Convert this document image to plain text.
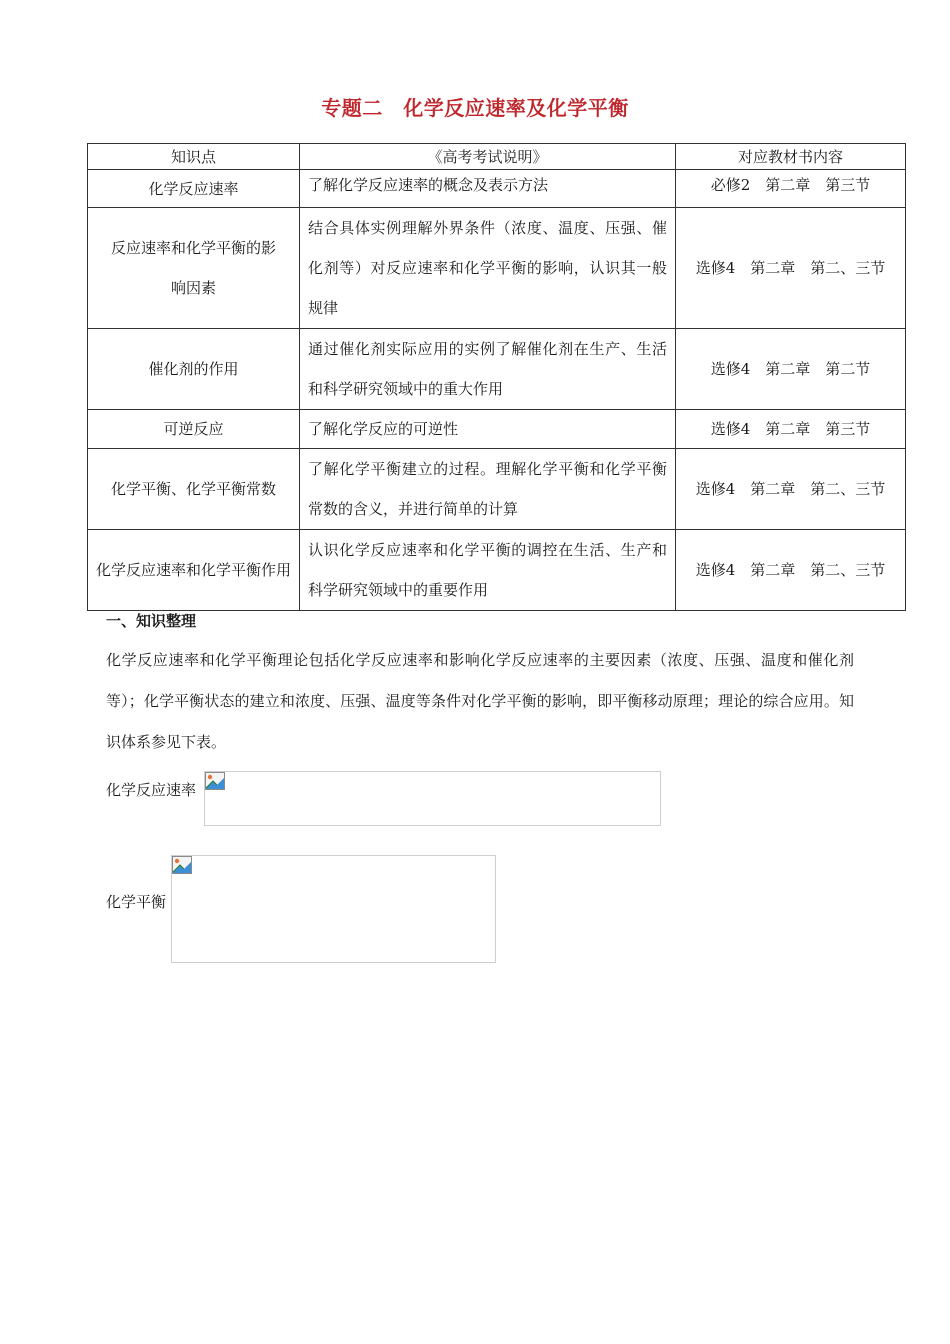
专题二　化学反应速率及化学平衡
知识点	《高考考试说明》	对应教材书内容
化学反应速率	了解化学反应速率的概念及表示方法	必修2　第二章　第三节

反应速率和化学平衡的影响因素	结合具体实例理解外界条件（浓度、温度、压强、催化剂等）对反应速率和化学平衡的影响，认识其一般规律	选修4　第二章　第二、三节

催化剂的作用	通过催化剂实际应用的实例了解催化剂在生产、生活和科学研究领域中的重大作用	选修4　第二章　第二节
可逆反应	了解化学反应的可逆性	选修4　第二章　第三节

化学平衡、化学平衡常数	了解化学平衡建立的过程。理解化学平衡和化学平衡常数的含义，并进行简单的计算	选修4　第二章　第二、三节

化学反应速率和化学平衡作用	认识化学反应速率和化学平衡的调控在生活、生产和科学研究领域中的重要作用	选修4　第二章　第二、三节
一、知识整理
化学反应速率和化学平衡理论包括化学反应速率和影响化学反应速率的主要因素（浓度、压强、温度和催化剂等）；化学平衡状态的建立和浓度、压强、温度等条件对化学平衡的影响，即平衡移动原理；理论的综合应用。知识体系参见下表。
化学反应速率
化学平衡
